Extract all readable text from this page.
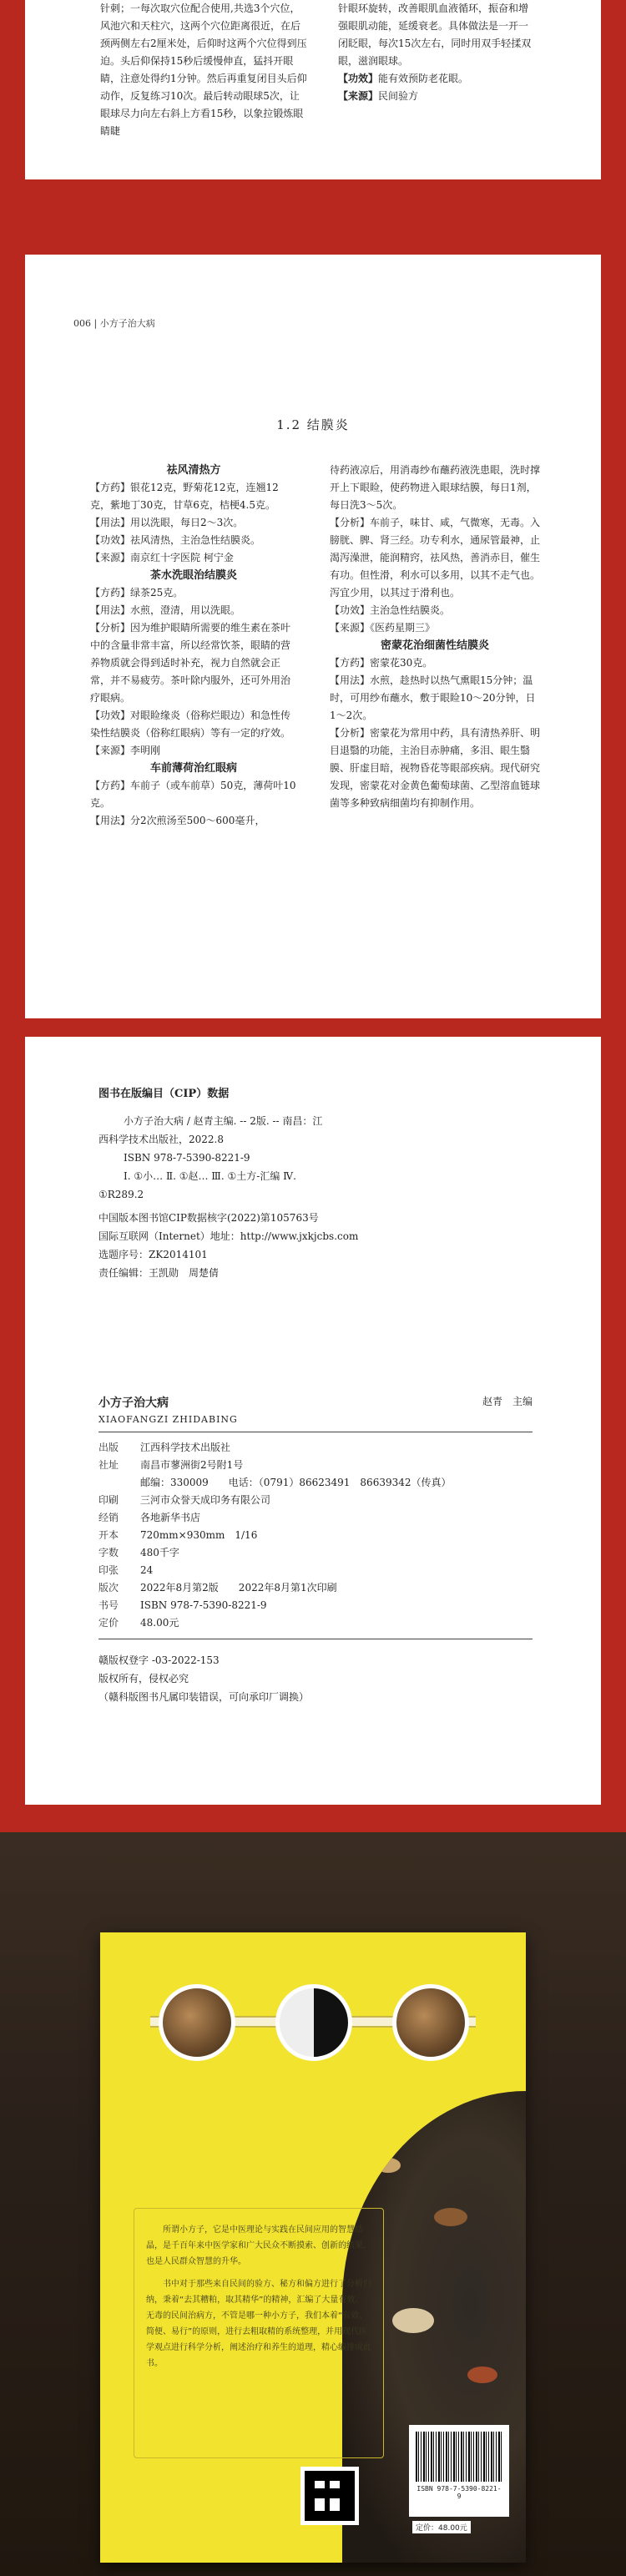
针刺；一每次取穴位配合使用,共选3个穴位，风池穴和天柱穴，这两个穴位距离很近，在后颈两侧左右2厘米处，后仰时这两个穴位得到压迫。头后仰保持15秒后缓慢伸直，猛抖开眼睛，注意处得约1分钟。然后再重复闭目头后仰动作，反复练习10次。最后转动眼球5次，让眼球尽力向左右斜上方看15秒，以象拉锻炼眼睛睫

针眼环旋转，改善眼肌血液循环，振奋和增强眼肌动能，延缓衰老。具体做法是一开一闭眨眼，每次15次左右，同时用双手轻揉双眼，滋润眼球。

【功效】能有效预防老花眼。

【来源】民间验方

006 | 小方子治大病
1.2 结膜炎

祛风清热方

【方药】银花12克，野菊花12克，连翘12克，紫地丁30克，甘草6克，桔梗4.5克。

【用法】用以洗眼，每日2～3次。

【功效】祛风清热，主治急性结膜炎。

【来源】南京红十字医院 柯宁金

茶水洗眼治结膜炎

【方药】绿茶25克。

【用法】水煎，澄清，用以洗眼。

【分析】因为维护眼睛所需要的维生素在茶叶中的含量非常丰富，所以经常饮茶，眼睛的营养物质就会得到适时补充，视力自然就会正常，并不易疲劳。茶叶除内服外，还可外用治疗眼病。

【功效】对眼睑缘炎（俗称烂眼边）和急性传染性结膜炎（俗称红眼病）等有一定的疗效。

【来源】李明刚

车前薄荷治红眼病

【方药】车前子（或车前草）50克，薄荷叶10克。

【用法】分2次煎汤至500～600毫升，

待药液凉后，用消毒纱布蘸药液洗患眼，洗时撑开上下眼睑，使药物进入眼球结膜，每日1剂，每日洗3～5次。

【分析】车前子，味甘、咸，气微寒，无毒。入膀胱、脾、肾三经。功专利水，通尿管最神，止渴泻澡泄，能润精窍，祛风热，善消赤目，催生有功。但性滑，利水可以多用，以其不走气也。泻宜少用，以其过于滑利也。

【功效】主治急性结膜炎。

【来源】《医药星期三》

密蒙花治细菌性结膜炎

【方药】密蒙花30克。

【用法】水煎，趁热时以热气熏眼15分钟；温时，可用纱布蘸水，敷于眼睑10～20分钟，日1～2次。

【分析】密蒙花为常用中药，具有清热养肝、明目退翳的功能，主治目赤肿痛，多泪、眼生翳膜、肝虚目暗，视物昏花等眼部疾病。现代研究发现，密蒙花对金黄色葡萄球菌、乙型溶血链球菌等多种致病细菌均有抑制作用。

图书在版编目（CIP）数据

小方子治大病 / 赵青主编. -- 2版. -- 南昌：江

西科学技术出版社，2022.8

ISBN 978-7-5390-8221-9

Ⅰ. ①小… Ⅱ. ①赵… Ⅲ. ①土方-汇编 Ⅳ.

①R289.2

中国版本图书馆CIP数据核字(2022)第105763号

国际互联网（Internet）地址：http://www.jxkjcbs.com

选题序号：ZK2014101

责任编辑：王凯勋　周楚倩

小方子治大病
XIAOFANGZI ZHIDABING
赵青　主编
出版	江西科学技术出版社
社址	南昌市蓼洲街2号附1号
邮编：330009　　电话：（0791）86623491　86639342（传真）
印刷	三河市众誉天成印务有限公司
经销	各地新华书店
开本	720mm×930mm　1/16
字数	480千字
印张	24
版次	2022年8月第2版　　2022年8月第1次印刷
书号	ISBN 978-7-5390-8221-9
定价	48.00元

赣版权登字 -03-2022-153

版权所有，侵权必究

（赣科版图书凡属印装错误，可向承印厂调换）

所谓小方子，它是中医理论与实践在民间应用的智慧结晶，是千百年来中医学家和广大民众不断摸索、创新的结果，也是人民群众智慧的升华。

书中对于那些来自民间的验方、秘方和偏方进行了分析归纳，秉着“去其糟粕，取其精华”的精神，汇编了大量有效、无毒的民间治病方，不管是哪一种小方子，我们本着“有效、简便、易行”的原则，进行去粗取精的系统整理，并用现代医学观点进行科学分析，阐述治疗和养生的道理，精心编排成此书。

ISBN 978-7-5390-8221-9
定价：48.00元
